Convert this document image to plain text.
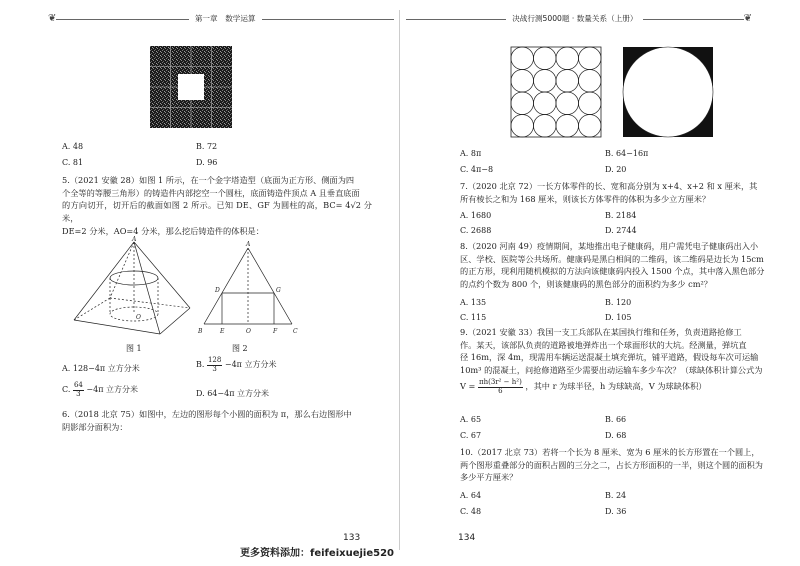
❦	第一章　数学运算
A. 48	B. 72
C. 81	D. 96
5.（2021 安徽 28）如图 1 所示，在一个金字塔造型（底面为正方形、侧面为四
个全等的等腰三角形）的铸造件内部挖空一个圆柱，底面铸造件顶点 A 且垂直底面
的方向切开，切开后的截面如图 2 所示。已知 DE、GF 为圆柱的高，BC= 4√2 分米，
DE=2 分米，AO=4 分米，那么挖后铸造件的体积是：
A
O
图 1
A
B	C
D
E	F
G
O
图 2
A. 128−4π 立方分米	B. $\frac{128}{3} -4\pi$ 立方分米
C. $\frac{64}{3} -4\pi$ 立方分米	D. 64−4π 立方分米
6.（2018 北京 75）如图中，左边的图形每个小圆的面积为 π，那么右边图形中
阴影部分面积为：
133
决战行测5000题 · 数量关系（上册）	❦
A. 8π	B. 64−16π
C. 4π−8	D. 20
7.（2020 北京 72）一长方体零件的长、宽和高分别为 x+4、x+2 和 x 厘米，其
所有棱长之和为 168 厘米，则该长方体零件的体积为多少立方厘米？
A. 1680	B. 2184
C. 2688	D. 2744
8.（2020 河南 49）疫情期间，某地推出电子健康码，用户需凭电子健康码出入小
区、学校、医院等公共场所。健康码是黑白相间的二维码，该二维码是边长为 15cm
的正方形，现利用随机模拟的方法向该健康码内投入 1500 个点，其中落入黑色部分
的点约个数为 800 个，则该健康码的黑色部分的面积约为多少 cm²？
A. 135	B. 120
C. 115	D. 105
9.（2021 安徽 33）我国一支工兵部队在某国执行维和任务，负责道路抢修工
作。某天，该部队负责的道路被地弹炸出一个球面形状的大坑。经测量，弹坑直
径 16m，深 4m，现需用车辆运送混凝土填充弹坑，铺平道路，假设每车次可运输
10m³ 的混凝土，问抢修道路至少需要出动运输车多少车次？（球缺体积计算公式为
$V = \frac{\text{πh(3r² − h²)}}{6}$ ，其中 r 为球半径，h 为球缺高，V 为球缺体积）
A. 65	B. 66
C. 67	D. 68
10.（2017 北京 73）若将一个长为 8 厘米、宽为 6 厘米的长方形置在一个圆上，
两个图形重叠部分的面积占圆的三分之二，占长方形面积的一半，则这个圆的面积为
多少平方厘米？
A. 64	B. 24
C. 48	D. 36
134
更多资料添加：feifeixuejie520
